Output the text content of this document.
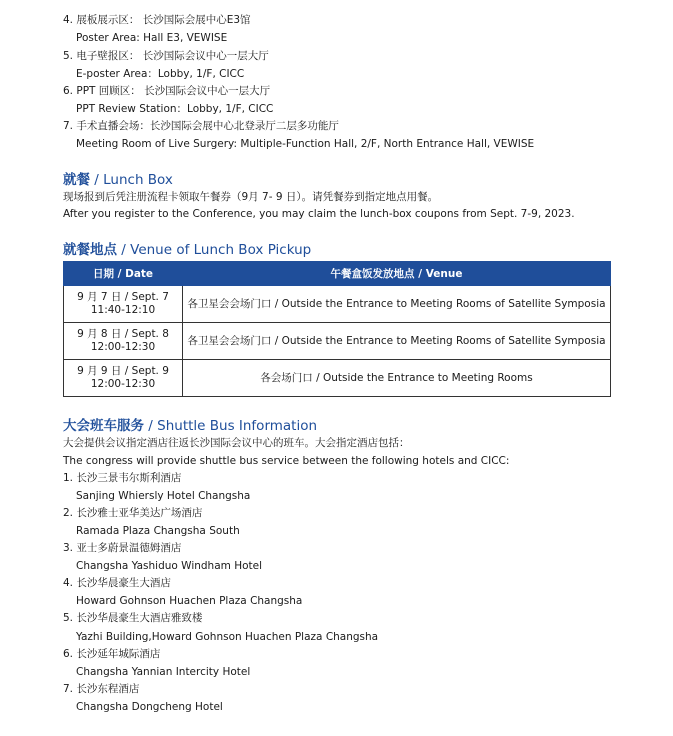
4. 展板展示区： 长沙国际会展中心E3馆
Poster Area: Hall E3, VEWISE
5. 电子壁报区： 长沙国际会议中心一层大厅
E-poster Area：Lobby, 1/F, CICC
6. PPT 回顾区： 长沙国际会议中心一层大厅
PPT Review Station：Lobby, 1/F, CICC
7. 手术直播会场：长沙国际会展中心北登录厅二层多功能厅
Meeting Room of Live Surgery: Multiple-Function Hall, 2/F, North Entrance Hall, VEWISE
就餐 / Lunch Box
现场报到后凭注册流程卡领取午餐券（9月 7- 9 日）。请凭餐券到指定地点用餐。
After you register to the Conference, you may claim the lunch-box coupons from Sept. 7-9, 2023.
就餐地点 / Venue of Lunch Box Pickup
日期 / Date	午餐盒饭发放地点 / Venue

9 月 7 日 / Sept. 7
11:40-12:10	各卫星会会场门口 / Outside the Entrance to Meeting Rooms of Satellite Symposia

9 月 8 日 / Sept. 8
12:00-12:30	各卫星会会场门口 / Outside the Entrance to Meeting Rooms of Satellite Symposia

9 月 9 日 / Sept. 9
12:00-12:30	各会场门口 / Outside the Entrance to Meeting Rooms
大会班车服务 / Shuttle Bus Information
大会提供会议指定酒店往返长沙国际会议中心的班车。大会指定酒店包括：
The congress will provide shuttle bus service between the following hotels and CICC:
1. 长沙三景韦尔斯利酒店
Sanjing Whiersly Hotel Changsha
2. 长沙雅士亚华美达广场酒店
Ramada Plaza Changsha South
3. 亚士多蔚景温德姆酒店
Changsha Yashiduo Windham Hotel
4. 长沙华晨豪生大酒店
Howard Gohnson Huachen Plaza Changsha
5. 长沙华晨豪生大酒店雅致楼
Yazhi Building,Howard Gohnson Huachen Plaza Changsha
6. 长沙延年城际酒店
Changsha Yannian Intercity Hotel
7. 长沙东程酒店
Changsha Dongcheng Hotel
